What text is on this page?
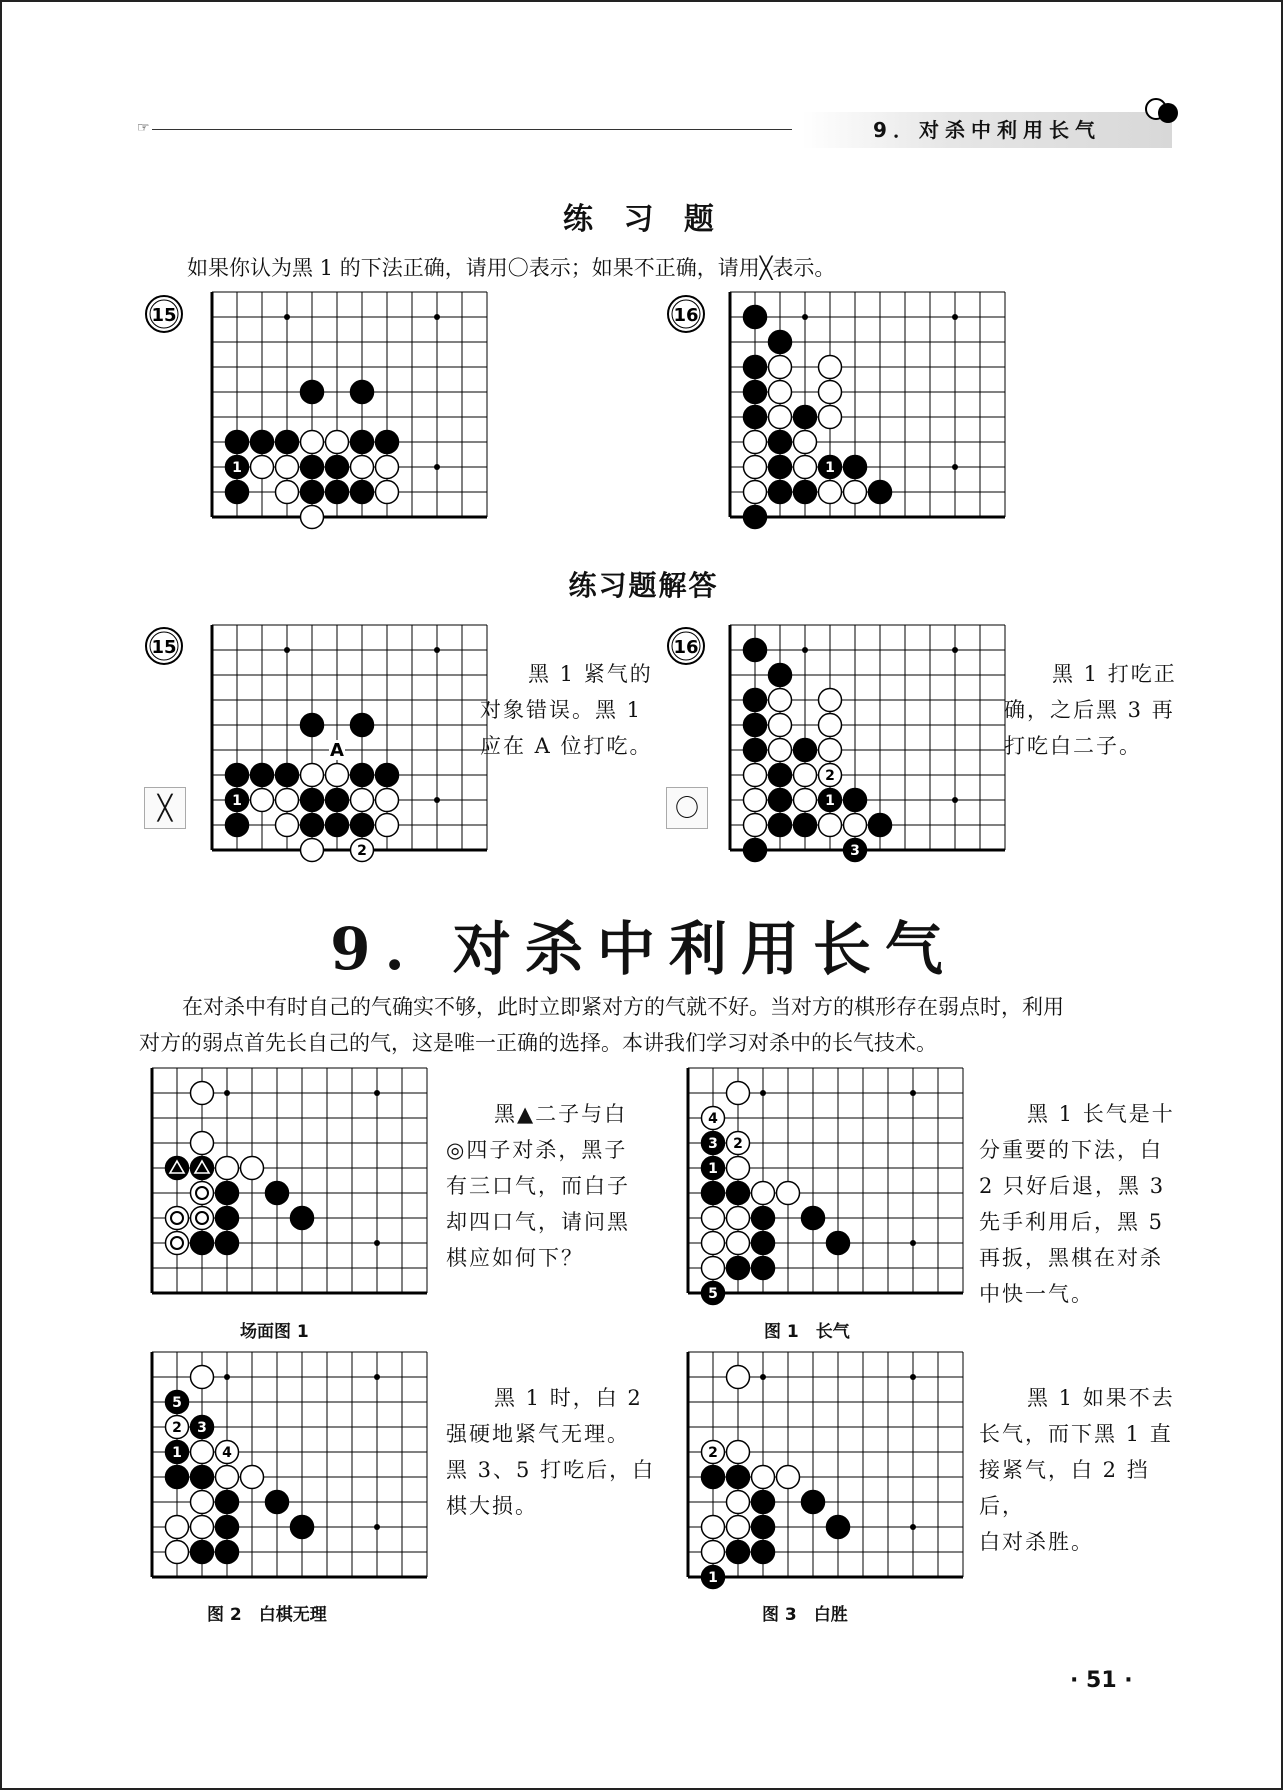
☞	9．对杀中利用长气
练 习 题
如果你认为黑 1 的下法正确，请用〇表示；如果不正确，请用╳表示。
15
1
16
1
练习题解答
15
╳
A
1
2
黑 1 紧气的
对象错误。黑 1
应在 A 位打吃。
16
〇
2
1
3
黑 1 打吃正
确，之后黑 3 再
打吃白二子。
9. 对杀中利用长气
在对杀中有时自己的气确实不够，此时立即紧对方的气就不好。当对方的棋形存在弱点时，利用
对方的弱点首先长自己的气，这是唯一正确的选择。本讲我们学习对杀中的长气技术。
场面图 1
黑▲二子与白
◎四子对杀，黑子
有三口气，而白子
却四口气，请问黑
棋应如何下？
4
3 2
1
5
图 1　长气
黑 1 长气是十
分重要的下法，白
2 只好后退，黑 3
先手利用后，黑 5
再扳，黑棋在对杀
中快一气。
5
2 3
1	4
图 2　白棋无理
黑 1 时，白 2
强硬地紧气无理。
黑 3、5 打吃后，白
棋大损。
2
1
图 3　白胜
黑 1 如果不去
长气，而下黑 1 直
接紧气，白 2 挡后，
白对杀胜。
· 51 ·
